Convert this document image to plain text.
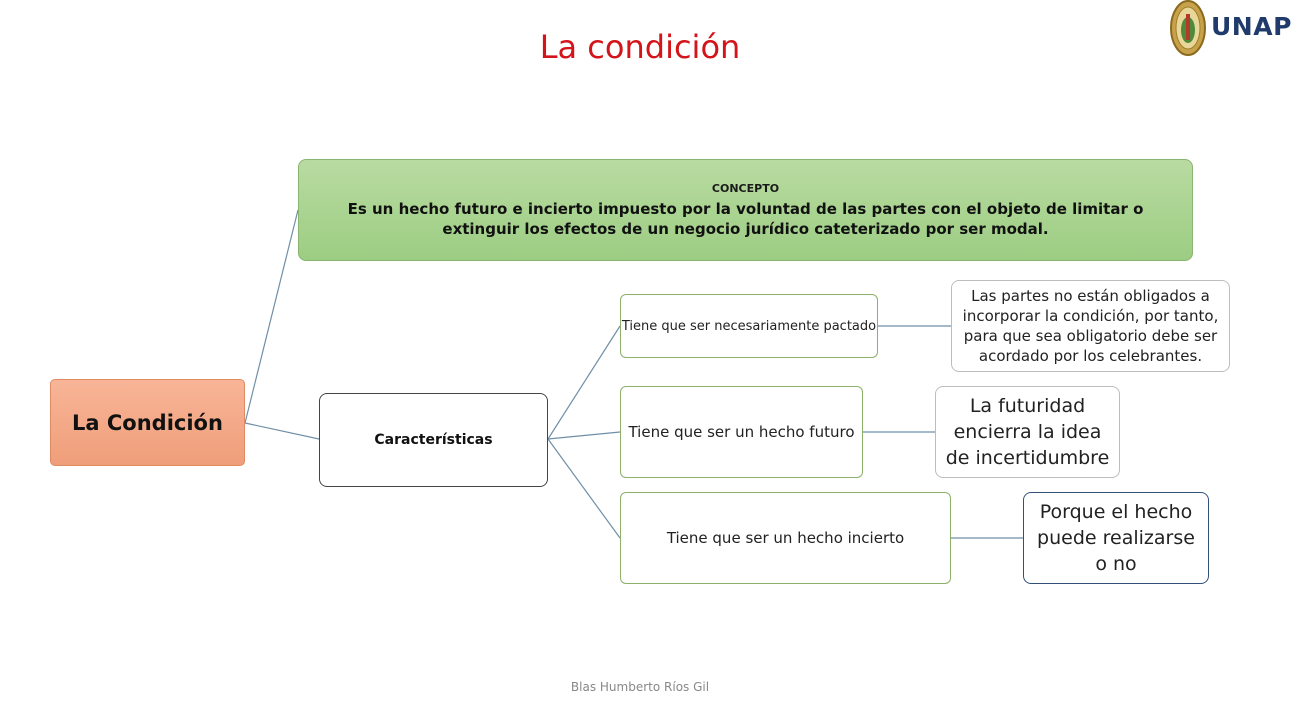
La condición
UNAP
CONCEPTO
Es un hecho futuro e incierto impuesto por la voluntad de las partes con el objeto de limitar o extinguir los efectos de un negocio jurídico cateterizado por ser modal.
La Condición
Características
Tiene que ser necesariamente pactado
Tiene que ser un hecho futuro
Tiene que ser un hecho incierto
Las partes no están obligados a incorporar la condición, por tanto, para que sea obligatorio debe ser acordado por los celebrantes.
La futuridad encierra la idea de incertidumbre
Porque el hecho puede realizarse o no
Blas Humberto Ríos Gil
